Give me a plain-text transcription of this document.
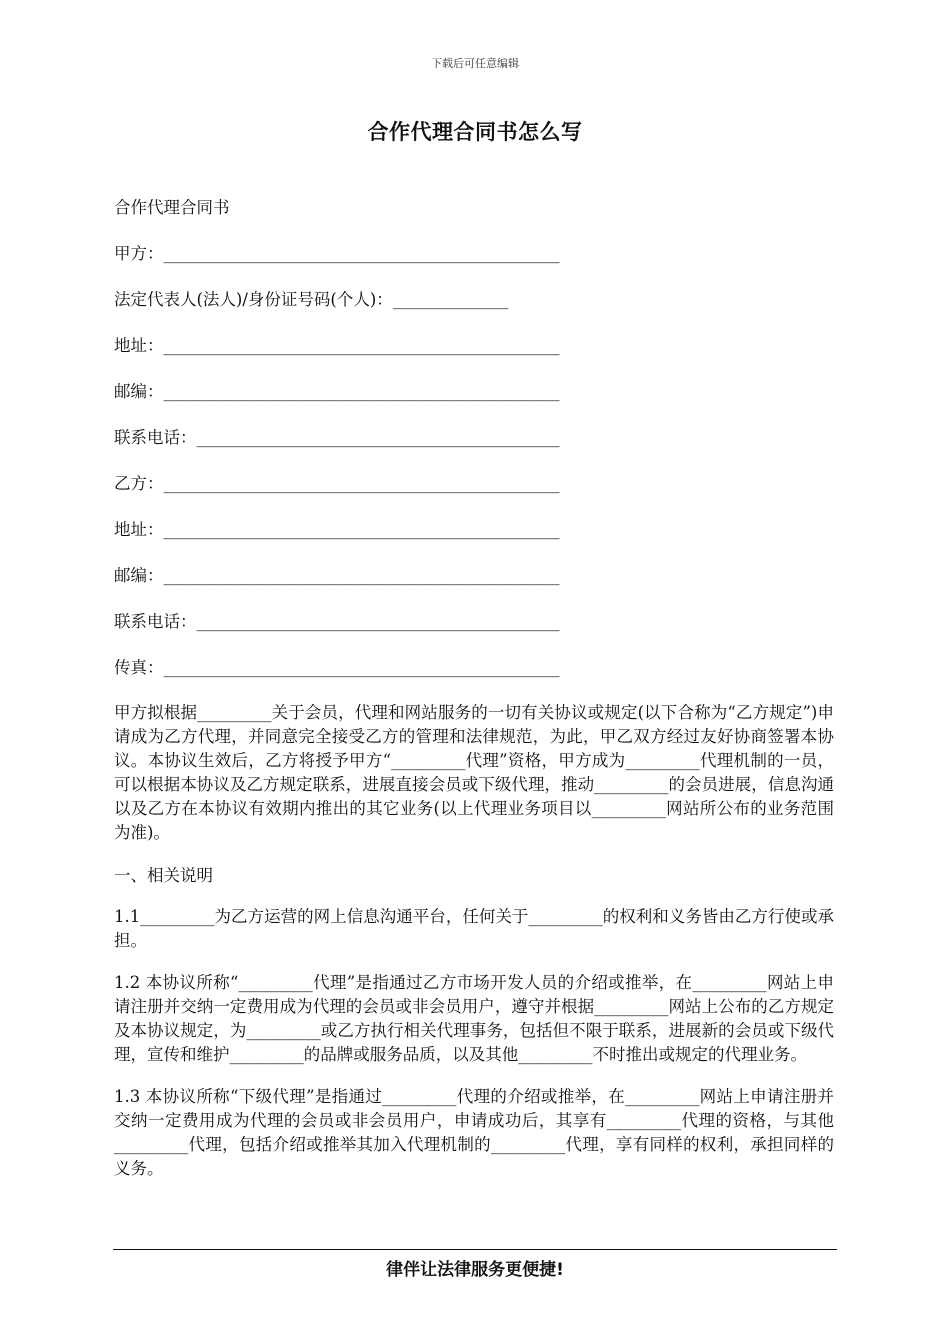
下载后可任意编辑
合作代理合同书怎么写
合作代理合同书
甲方：________________________________________________
法定代表人(法人)/身份证号码(个人)：______________
地址：________________________________________________
邮编：________________________________________________
联系电话：____________________________________________
乙方：________________________________________________
地址：________________________________________________
邮编：________________________________________________
联系电话：____________________________________________
传真：________________________________________________

甲方拟根据_________关于会员，代理和网站服务的一切有关协议或规定(以下合称为“乙方规定”)申请成为乙方代理，并同意完全接受乙方的管理和法律规范，为此，甲乙双方经过友好协商签署本协议。本协议生效后，乙方将授予甲方“_________代理”资格，甲方成为_________代理机制的一员，可以根据本协议及乙方规定联系，进展直接会员或下级代理，推动_________的会员进展，信息沟通以及乙方在本协议有效期内推出的其它业务(以上代理业务项目以_________网站所公布的业务范围为准)。

一、相关说明

1.1_________为乙方运营的网上信息沟通平台，任何关于_________的权利和义务皆由乙方行使或承担。

1.2 本协议所称“_________代理”是指通过乙方市场开发人员的介绍或推举，在_________网站上申请注册并交纳一定费用成为代理的会员或非会员用户，遵守并根据_________网站上公布的乙方规定及本协议规定，为_________或乙方执行相关代理事务，包括但不限于联系，进展新的会员或下级代理，宣传和维护_________的品牌或服务品质，以及其他_________不时推出或规定的代理业务。

1.3 本协议所称“下级代理”是指通过_________代理的介绍或推举，在_________网站上申请注册并交纳一定费用成为代理的会员或非会员用户，申请成功后，其享有_________代理的资格，与其他_________代理，包括介绍或推举其加入代理机制的_________代理，享有同样的权利，承担同样的义务。

律伴让法律服务更便捷!
